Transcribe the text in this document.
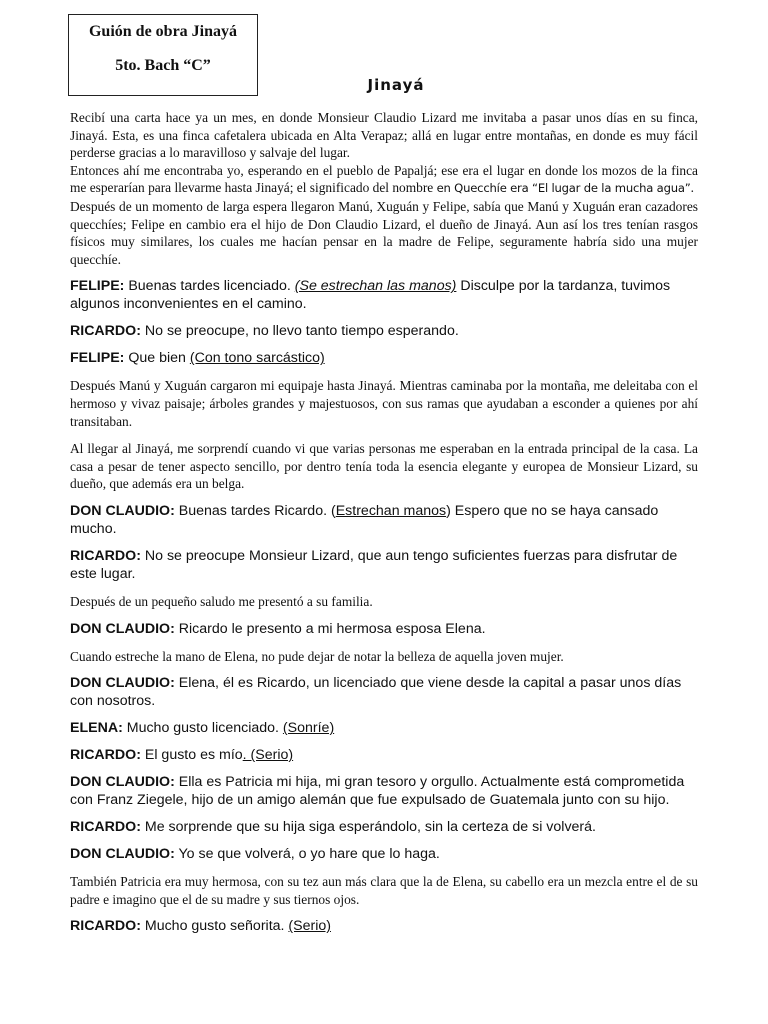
Guión de obra Jinayá
5to. Bach “C”
Jinayá

Recibí una carta hace ya un mes, en donde Monsieur Claudio Lizard me invitaba a pasar unos días en su finca, Jinayá. Esta, es una finca cafetalera ubicada en Alta Verapaz; allá en lugar entre montañas, en donde es muy fácil perderse gracias a lo maravilloso y salvaje del lugar.

Entonces ahí me encontraba yo, esperando en el pueblo de Papaljá; ese era el lugar en donde los mozos de la finca me esperarían para llevarme hasta Jinayá; el significado del nombre en Quecchíe era “El lugar de la mucha agua”.

Después de un momento de larga espera llegaron Manú, Xuguán y Felipe, sabía que Manú y Xuguán eran cazadores quecchíes; Felipe en cambio era el hijo de Don Claudio Lizard, el dueño de Jinayá. Aun así los tres tenían rasgos físicos muy similares, los cuales me hacían pensar en la madre de Felipe, seguramente habría sido una mujer quecchíe.

FELIPE: Buenas tardes licenciado. (Se estrechan las manos) Disculpe por la tardanza, tuvimos algunos inconvenientes en el camino.

RICARDO: No se preocupe, no llevo tanto tiempo esperando.

FELIPE: Que bien (Con tono sarcástico)

Después Manú y Xuguán cargaron mi equipaje hasta Jinayá. Mientras caminaba por la montaña, me deleitaba con el hermoso y vivaz paisaje; árboles grandes y majestuosos, con sus ramas que ayudaban a esconder a quienes por ahí transitaban.

Al llegar al Jinayá, me sorprendí cuando vi que varias personas me esperaban en la entrada principal de la casa. La casa a pesar de tener aspecto sencillo, por dentro tenía toda la esencia elegante y europea de Monsieur Lizard, su dueño, que además era un belga.

DON CLAUDIO: Buenas tardes Ricardo. (Estrechan manos) Espero que no se haya cansado mucho.

RICARDO: No se preocupe Monsieur Lizard, que aun tengo suficientes fuerzas para disfrutar de este lugar.

Después de un pequeño saludo me presentó a su familia.

DON CLAUDIO: Ricardo le presento a mi hermosa esposa Elena.

Cuando estreche la mano de Elena, no pude dejar de notar la belleza de aquella joven mujer.

DON CLAUDIO: Elena, él es Ricardo, un licenciado que viene desde la capital a pasar unos días con nosotros.

ELENA: Mucho gusto licenciado. (Sonríe)

RICARDO: El gusto es mío. (Serio)

DON CLAUDIO: Ella es Patricia mi hija, mi gran tesoro y orgullo. Actualmente está comprometida con Franz Ziegele, hijo de un amigo alemán que fue expulsado de Guatemala junto con su hijo.

RICARDO: Me sorprende que su hija siga esperándolo, sin la certeza de si volverá.

DON CLAUDIO: Yo se que volverá, o yo hare que lo haga.

También Patricia era muy hermosa, con su tez aun más clara que la de Elena, su cabello era un mezcla entre el de su padre e imagino que el de su madre y sus tiernos ojos.

RICARDO: Mucho gusto señorita. (Serio)
